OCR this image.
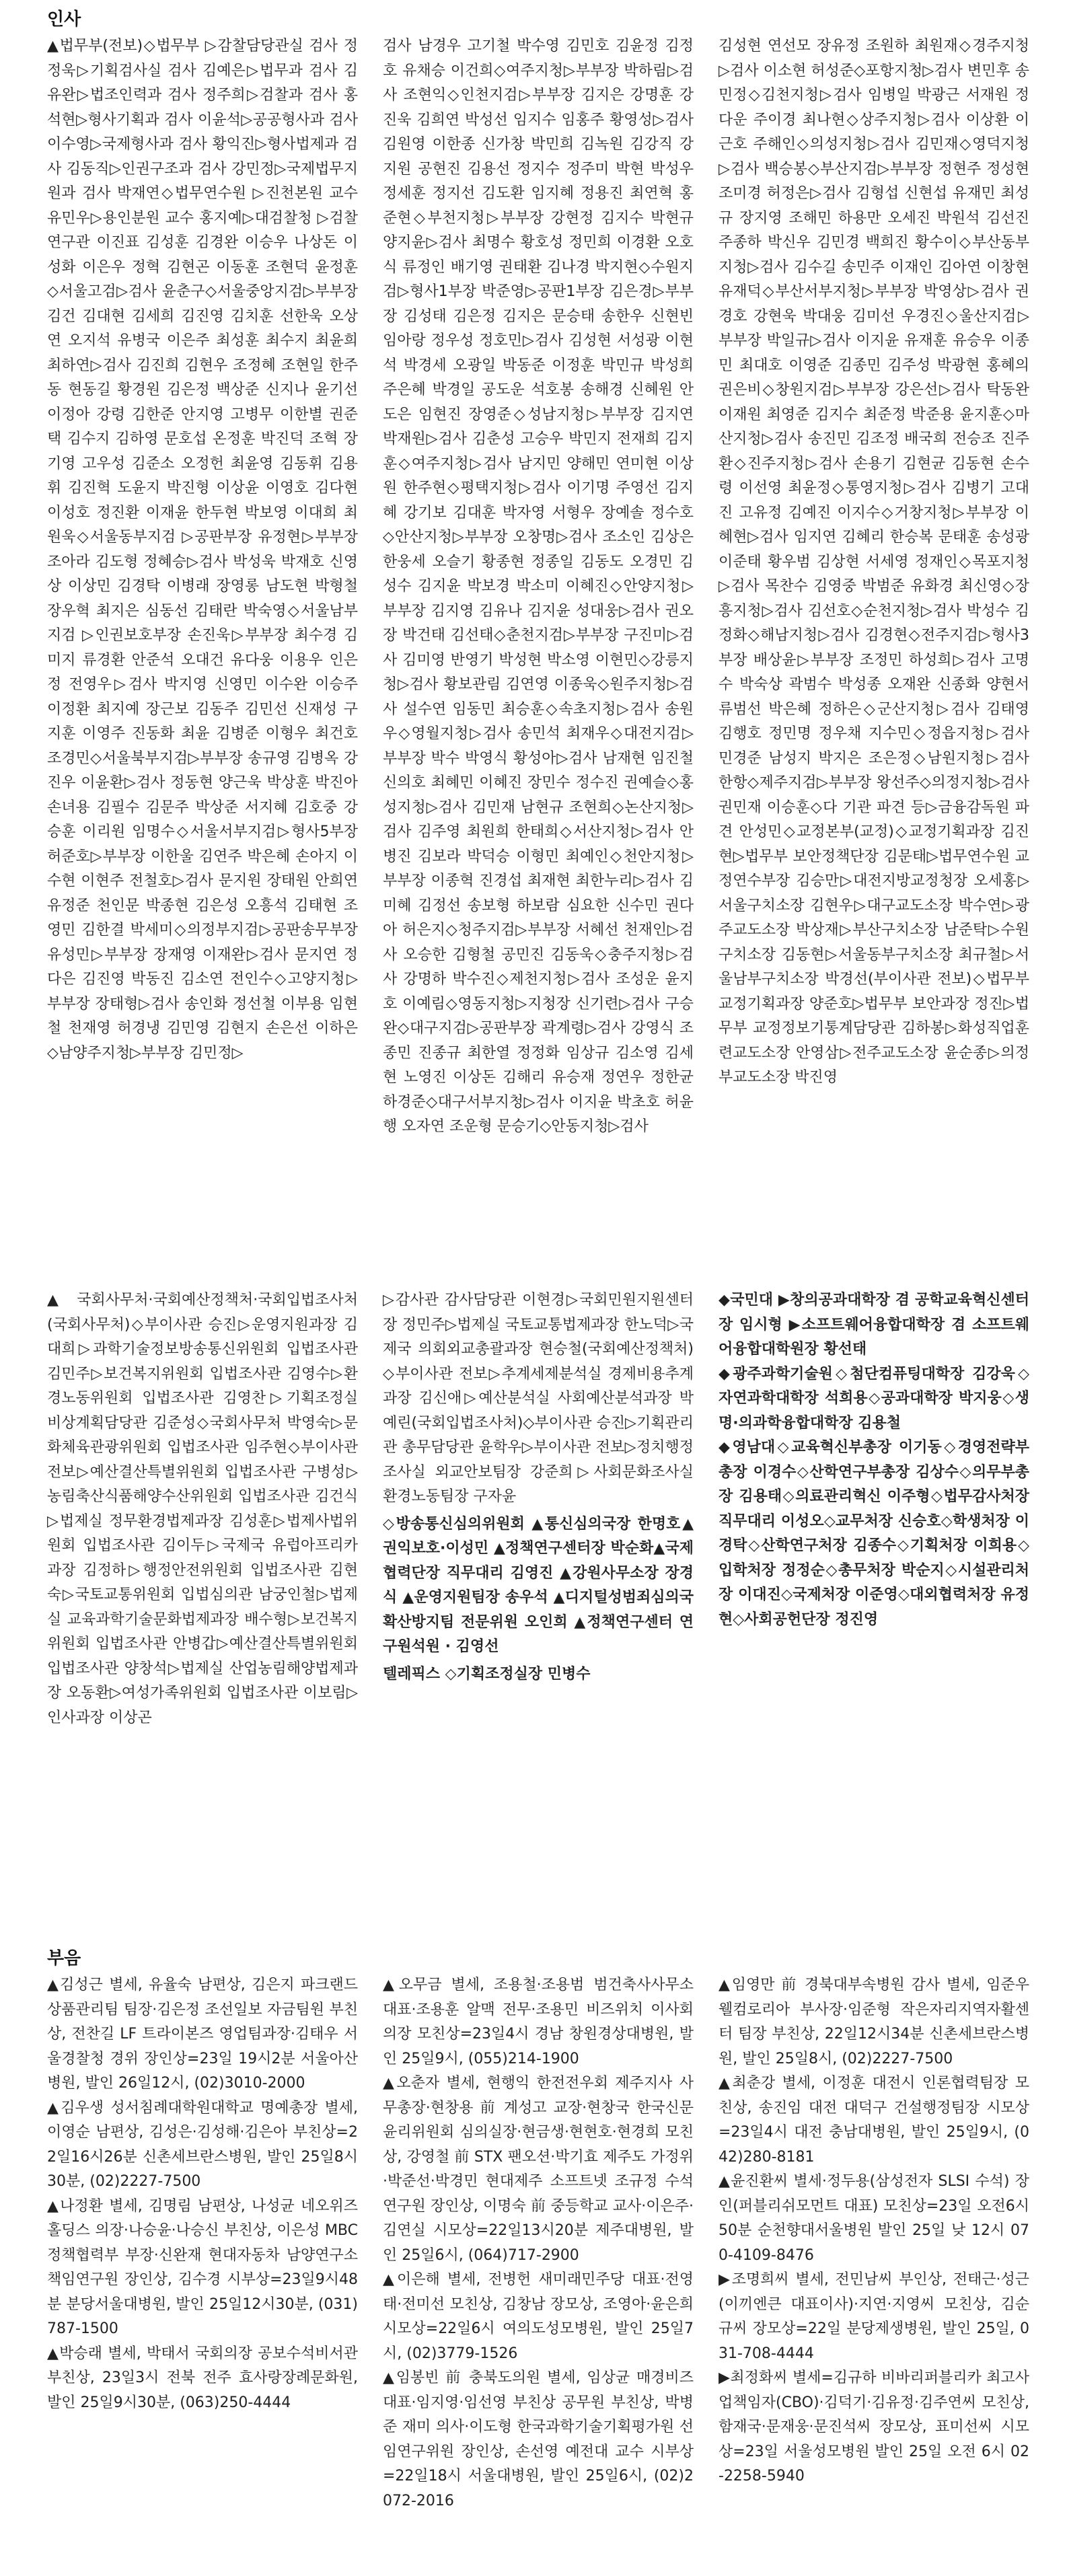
인사

▲법무부(전보)◇법무부 ▷감찰담당관실 검사 정정욱▷기획검사실 검사 김예은▷법무과 검사 김유완▷법조인력과 검사 정주희▷검찰과 검사 홍석현▷형사기획과 검사 이윤석▷공공형사과 검사 이수영▷국제형사과 검사 황익진▷형사법제과 검사 김동직▷인권구조과 검사 강민정▷국제법무지원과 검사 박재연◇법무연수원 ▷진천본원 교수 유민우▷용인분원 교수 홍지예▷대검찰청 ▷검찰연구관 이진표 김성훈 김경완 이승우 나상돈 이성화 이은우 정혁 김현곤 이동훈 조현덕 윤정훈◇서울고검▷검사 윤춘구◇서울중앙지검▷부부장 김건 김대현 김세희 김진영 김치훈 선한욱 오상연 오지석 유병국 이은주 최성훈 최수지 최윤희 최하연▷검사 김진희 김현우 조정혜 조현일 한주동 현동길 황경원 김은정 백상준 신지나 윤기선 이정아 강령 김한준 안지영 고병무 이한별 권준택 김수지 김하영 문호섭 온정훈 박진덕 조혁 장기영 고우성 김준소 오정헌 최윤영 김동휘 김용휘 김진혁 도윤지 박진형 이상윤 이영호 김다현 이성호 정진환 이재윤 한두현 박보영 이대희 최원욱◇서울동부지검 ▷공판부장 유정현▷부부장 조아라 김도형 정혜승▷검사 박성욱 박재호 신영상 이상민 김경탁 이병래 장영롱 남도현 박형철 장우혁 최지은 심동선 김태란 박숙영◇서울남부지검 ▷인권보호부장 손진욱▷부부장 최수경 김미지 류경환 안준석 오대건 유다웅 이용우 인은정 전영우▷검사 박지영 신영민 이수완 이승주 이정환 최지예 장근보 김동주 김민선 신재성 구지훈 이영주 진동화 최윤 김병준 이형우 최건호 조경민◇서울북부지검▷부부장 송규영 김병옥 강진우 이윤환▷검사 정동현 양근욱 박상훈 박진아 손녀용 김필수 김문주 박상준 서지혜 김호중 강승훈 이리원 임명수◇서울서부지검▷형사5부장 허준호▷부부장 이한울 김연주 박은혜 손아지 이수현 이현주 전철호▷검사 문지원 장태원 안희연 유정준 천인문 박종현 김은성 오흥석 김태현 조영민 김한결 박세미◇의정부지검▷공판송무부장 유성민▷부부장 장재영 이재완▷검사 문지연 정다은 김진영 박동진 김소연 전인수◇고양지청▷부부장 장태형▷검사 송인화 정선철 이부용 임현철 천재영 허경냉 김민영 김현지 손은선 이하은◇남양주지청▷부부장 김민정▷

검사 남경우 고기철 박수영 김민호 김윤정 김정호 유채승 이건희◇여주지청▷부부장 박하림▷검사 조현익◇인천지검▷부부장 김지은 강명훈 강진욱 김희연 박성선 임지수 임홍주 황영성▷검사 김원영 이한종 신가창 박민희 김녹원 김강직 강지원 공현진 김용선 정지수 정주미 박현 박성우 정세훈 정지선 김도환 임지혜 정용진 최연혁 홍준현◇부천지청▷부부장 강현정 김지수 박현규 양지윤▷검사 최명수 황호성 정민희 이경환 오호식 류정인 배기영 권태환 김나경 박지현◇수원지검▷형사1부장 박준영▷공판1부장 김은경▷부부장 김성태 김은정 김지은 문승태 송한우 신현빈 임아랑 정우성 정호민▷검사 김성현 서성광 이현석 박경세 오광일 박동준 이정훈 박민규 박성희 주은혜 박경일 공도운 석호봉 송해경 신혜원 안도은 임현진 장영준◇성남지청▷부부장 김지연 박재원▷검사 김춘성 고승우 박민지 전재희 김지훈◇여주지청▷검사 남지민 양해민 연미현 이상원 한주현◇평택지청▷검사 이기명 주영선 김지혜 강기보 김대훈 박자영 서형우 장예솔 정수호◇안산지청▷부부장 오창명▷검사 조소인 김상은 한웅세 오슬기 황종현 정종일 김동도 오경민 김성수 김지윤 박보경 박소미 이혜진◇안양지청▷부부장 김지영 김유나 김지윤 성대웅▷검사 권오장 박건태 김선태◇춘천지검▷부부장 구진미▷검사 김미영 반영기 박성현 박소영 이현민◇강릉지청▷검사 황보관림 김연영 이종욱◇원주지청▷검사 설수연 임동민 최승훈◇속초지청▷검사 송원우◇영월지청▷검사 송민석 최재우◇대전지검▷부부장 박수 박영식 황성아▷검사 남재현 임진철 신의호 최혜민 이혜진 장민수 정수진 권예슬◇홍성지청▷검사 김민재 남현규 조현희◇논산지청▷검사 김주영 최원희 한태희◇서산지청▷검사 안병진 김보라 박덕승 이형민 최예인◇천안지청▷부부장 이종혁 진경섭 최재현 최한누리▷검사 김미혜 김정선 송보형 하보람 심요한 신수민 권다아 허은지◇청주지검▷부부장 서혜선 천재인▷검사 오승한 김형철 공민진 김동욱◇충주지청▷검사 강명하 박수진◇제천지청▷검사 조성운 윤지호 이예림◇영동지청▷지청장 신기련▷검사 구승완◇대구지검▷공판부장 곽계령▷검사 강영식 조종민 진종규 최한열 정정화 임상규 김소영 김세현 노영진 이상돈 김해리 유승재 정연우 정한균 하경준◇대구서부지청▷검사 이지윤 박초호 허윤행 오자연 조운형 문승기◇안동지청▷검사

김성현 연선모 장유정 조원하 최원재◇경주지청▷검사 이소현 허성준◇포항지청▷검사 변민후 송민정◇김천지청▷검사 임병일 박광근 서재원 정다운 주이경 최나현◇상주지청▷검사 이상환 이근호 주해인◇의성지청▷검사 김민재◇영덕지청▷검사 백승봉◇부산지검▷부부장 정현주 정성현 조미경 허정은▷검사 김형섭 신현섭 유재민 최성규 장지영 조해민 하용만 오세진 박원석 김선진 주종하 박신우 김민경 백희진 황수이◇부산동부지청▷검사 김수길 송민주 이재인 김아연 이창현 유재덕◇부산서부지청▷부부장 박영상▷검사 권경호 강현욱 박대웅 김미선 우경진◇울산지검▷부부장 박일규▷검사 이지윤 유재훈 유승우 이종민 최대호 이영준 김종민 김주성 박광현 홍혜의 권은비◇창원지검▷부부장 강은선▷검사 탁동완 이재원 최영준 김지수 최준정 박준용 윤지훈◇마산지청▷검사 송진민 김조정 배국희 전승조 진주환◇진주지청▷검사 손용기 김현균 김동현 손수령 이선영 최윤정◇통영지청▷검사 김병기 고대진 고유정 김예진 이지수◇거창지청▷부부장 이혜현▷검사 임지연 김혜리 한승복 문태훈 송성광 이준태 황우범 김상현 서세영 정재인◇목포지청▷검사 목찬수 김영중 박범준 유화경 최신영◇장흥지청▷검사 김선호◇순천지청▷검사 박성수 김정화◇해남지청▷검사 김경현◇전주지검▷형사3부장 배상윤▷부부장 조정민 하성희▷검사 고명수 박숙상 곽범수 박성종 오재완 신종화 양현서 류범선 박은혜 정하은◇군산지청▷검사 김태영 김행호 정민명 정우채 지수민◇정읍지청▷검사 민경준 남성지 박지은 조은정◇남원지청▷검사 한항◇제주지검▷부부장 왕선주◇의정지청▷검사 권민재 이승훈◇다 기관 파견 등▷금융감독원 파견 안성민◇교정본부(교정)◇교정기획과장 김진현▷법무부 보안정책단장 김문태▷법무연수원 교정연수부장 김승만▷대전지방교정청장 오세홍▷서울구치소장 김현우▷대구교도소장 박수연▷광주교도소장 박상재▷부산구치소장 남준탁▷수원구치소장 김동현▷서울동부구치소장 최규철▷서울남부구치소장 박경선(부이사관 전보)◇법무부 교정기획과장 양준호▷법무부 보안과장 정진▷법무부 교정정보기통계담당관 김하봉▷화성직업훈련교도소장 안영삼▷전주교도소장 윤순종▷의정부교도소장 박진영

▲국회사무처·국회예산정책처·국회입법조사처(국회사무처)◇부이사관 승진▷운영지원과장 김대희▷과학기술정보방송통신위원회 입법조사관 김민주▷보건복지위원회 입법조사관 김영수▷환경노동위원회 입법조사관 김영찬▷기획조정실 비상계획담당관 김준성◇국회사무처 박영숙▷문화체육관광위원회 입법조사관 임주현◇부이사관 전보▷예산결산특별위원회 입법조사관 구병성▷농림축산식품해양수산위원회 입법조사관 김건식▷법제실 정무환경법제과장 김성훈▷법제사법위원회 입법조사관 김이두▷국제국 유럽아프리카과장 김정하▷행정안전위원회 입법조사관 김현숙▷국토교통위원회 입법심의관 남궁인철▷법제실 교육과학기술문화법제과장 배수형▷보건복지위원회 입법조사관 안병갑▷예산결산특별위원회 입법조사관 양창석▷법제실 산업농림해양법제과장 오동환▷여성가족위원회 입법조사관 이보림▷인사과장 이상곤

▷감사관 감사담당관 이현경▷국회민원지원센터장 정민주▷법제실 국토교통법제과장 한노덕▷국제국 의회외교총괄과장 현승철(국회예산정책처)◇부이사관 전보▷추계세제분석실 경제비용추계과장 김신애▷예산분석실 사회예산분석과장 박예린(국회입법조사처)◇부이사관 승진▷기획관리관 총무담당관 윤학우▷부이사관 전보▷정치행정조사실 외교안보팀장 강준희▷사회문화조사실 환경노동팀장 구자윤

◇방송통신심의위원회 ▲통신심의국장 한명호▲권익보호·이성민 ▲정책연구센터장 박순화▲국제협력단장 직무대리 김영진 ▲강원사무소장 장경식 ▲운영지원팀장 송우석 ▲디지털성범죄심의국 확산방지팀 전문위원 오인희 ▲정책연구센터 연구원석원 · 김영선

텔레픽스 ◇기획조정실장 민병수

◆국민대 ▶창의공과대학장 겸 공학교육혁신센터장 임시형 ▶소프트웨어융합대학장 겸 소프트웨어융합대학원장 황선태
◆광주과학기술원◇첨단컴퓨팅대학장 김강욱◇자연과학대학장 석희용◇공과대학장 박지웅◇생명·의과학융합대학장 김용철
◆영남대◇교육혁신부총장 이기동◇경영전략부총장 이경수◇산학연구부총장 김상수◇의무부총장 김용태◇의료관리혁신 이주형◇법무감사처장 직무대리 이성오◇교무처장 신승호◇학생처장 이경탁◇산학연구처장 김종수◇기획처장 이희용◇입학처장 정정순◇총무처장 박순지◇시설관리처장 이대진◇국제처장 이준영◇대외협력처장 유정현◇사회공헌단장 정진영

부음

▲김성근 별세, 유율숙 남편상, 김은지 파크랜드 상품관리팀 팀장·김은정 조선일보 자금팀원 부친상, 전찬길 LF 트라이본즈 영업팀과장·김태우 서울경찰청 경위 장인상=23일 19시2분 서울아산병원, 발인 26일12시, (02)3010-2000
▲김우생 성서침례대학원대학교 명예총장 별세, 이영순 남편상, 김성은·김성해·김은아 부친상=22일16시26분 신촌세브란스병원, 발인 25일8시30분, (02)2227-7500
▲나정환 별세, 김명림 남편상, 나성균 네오위즈홀딩스 의장·나승윤·나승신 부친상, 이은성 MBC 정책협력부 부장·신완재 현대자동차 남양연구소 책임연구원 장인상, 김수경 시부상=23일9시48분 분당서울대병원, 발인 25일12시30분, (031)787-1500
▲박승래 별세, 박태서 국회의장 공보수석비서관 부친상, 23일3시 전북 전주 효사랑장례문화원, 발인 25일9시30분, (063)250-4444

▲오무금 별세, 조용철·조용범 범건축사사무소 대표·조용훈 알맥 전무·조용민 비즈위치 이사회의장 모친상=23일4시 경남 창원경상대병원, 발인 25일9시, (055)214-1900
▲오춘자 별세, 현행익 한전전우회 제주지사 사무총장·현창용 前 계성고 교장·현창국 한국신문윤리위원회 심의실장·현금생·현현호·현경희 모친상, 강영철 前 STX 팬오션·박기효 제주도 가정위·박준선·박경민 현대제주 소프트넷 조규정 수석연구원 장인상, 이명숙 前 중등학교 교사·이은주·김연실 시모상=22일13시20분 제주대병원, 발인 25일6시, (064)717-2900
▲이은해 별세, 전병헌 새미래민주당 대표·전영태·전미선 모친상, 김창남 장모상, 조영아·윤은희 시모상=22일6시 여의도성모병원, 발인 25일7시, (02)3779-1526
▲임봉빈 前 충북도의원 별세, 임상균 매경비즈 대표·임지영·임선영 부친상 공무원 부친상, 박병준 재미 의사·이도형 한국과학기술기획평가원 선임연구위원 장인상, 손선영 예전대 교수 시부상=22일18시 서울대병원, 발인 25일6시, (02)2072-2016

▲임영만 前 경북대부속병원 감사 별세, 임준우 웰컴로리아 부사장·임준형 작은자리지역자활센터 팀장 부친상, 22일12시34분 신촌세브란스병원, 발인 25일8시, (02)2227-7500
▲최춘강 별세, 이정훈 대전시 인론협력팀장 모친상, 송진임 대전 대덕구 건설행정팀장 시모상=23일4시 대전 충남대병원, 발인 25일9시, (042)280-8181
▲윤진환씨 별세·정두용(삼성전자 SLSI 수석) 장인(퍼블리쉬모먼트 대표) 모친상=23일 오전6시50분 순천향대서울병원 발인 25일 낮 12시 070-4109-8476
▶조명희씨 별세, 전민남씨 부인상, 전태근·성근(이끼엔큰 대표이사)·지연·지영씨 모친상, 김순규씨 장모상=22일 분당제생병원, 발인 25일, 031-708-4444
▶최정화씨 별세=김규하 비바리퍼블리카 최고사업책임자(CBO)·김덕기·김유정·김주연씨 모친상, 함재국·문재웅·문진석씨 장모상, 표미선씨 시모상=23일 서울성모병원 발인 25일 오전 6시 02-2258-5940
